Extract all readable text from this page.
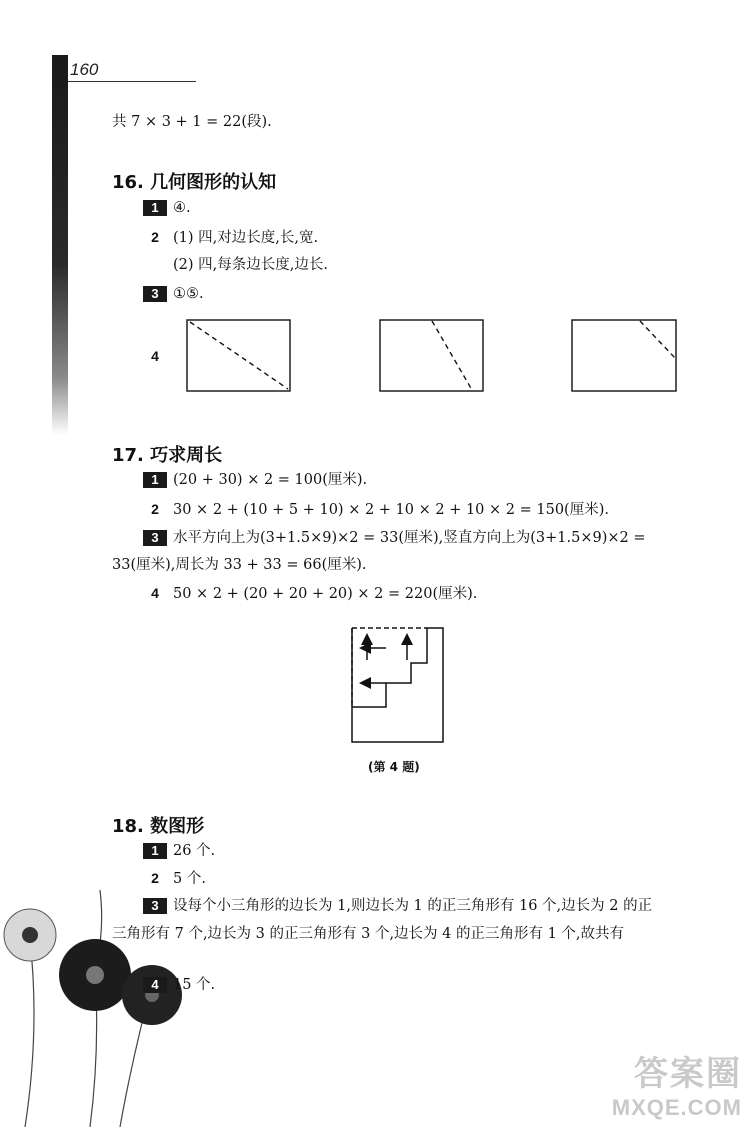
160
共 7 × 3 + 1 = 22(段).
16. 几何图形的认知
1 ④.
2 (1) 四,对边长度,长,宽.
(2) 四,每条边长度,边长.
3 ①⑤.
4
17. 巧求周长
1 (20 + 30) × 2 = 100(厘米).
2 30 × 2 + (10 + 5 + 10) × 2 + 10 × 2 + 10 × 2 = 150(厘米).
3 水平方向上为(3+1.5×9)×2 = 33(厘米),竖直方向上为(3+1.5×9)×2 =
33(厘米),周长为 33 + 33 = 66(厘米).
4 50 × 2 + (20 + 20 + 20) × 2 = 220(厘米).
(第 4 题)
18. 数图形
1 26 个.
2 5 个.
3 设每个小三角形的边长为 1,则边长为 1 的正三角形有 16 个,边长为 2 的正
三角形有 7 个,边长为 3 的正三角形有 3 个,边长为 4 的正三角形有 1 个,故共有
4 15 个.
答案圈
MXQE.COM
